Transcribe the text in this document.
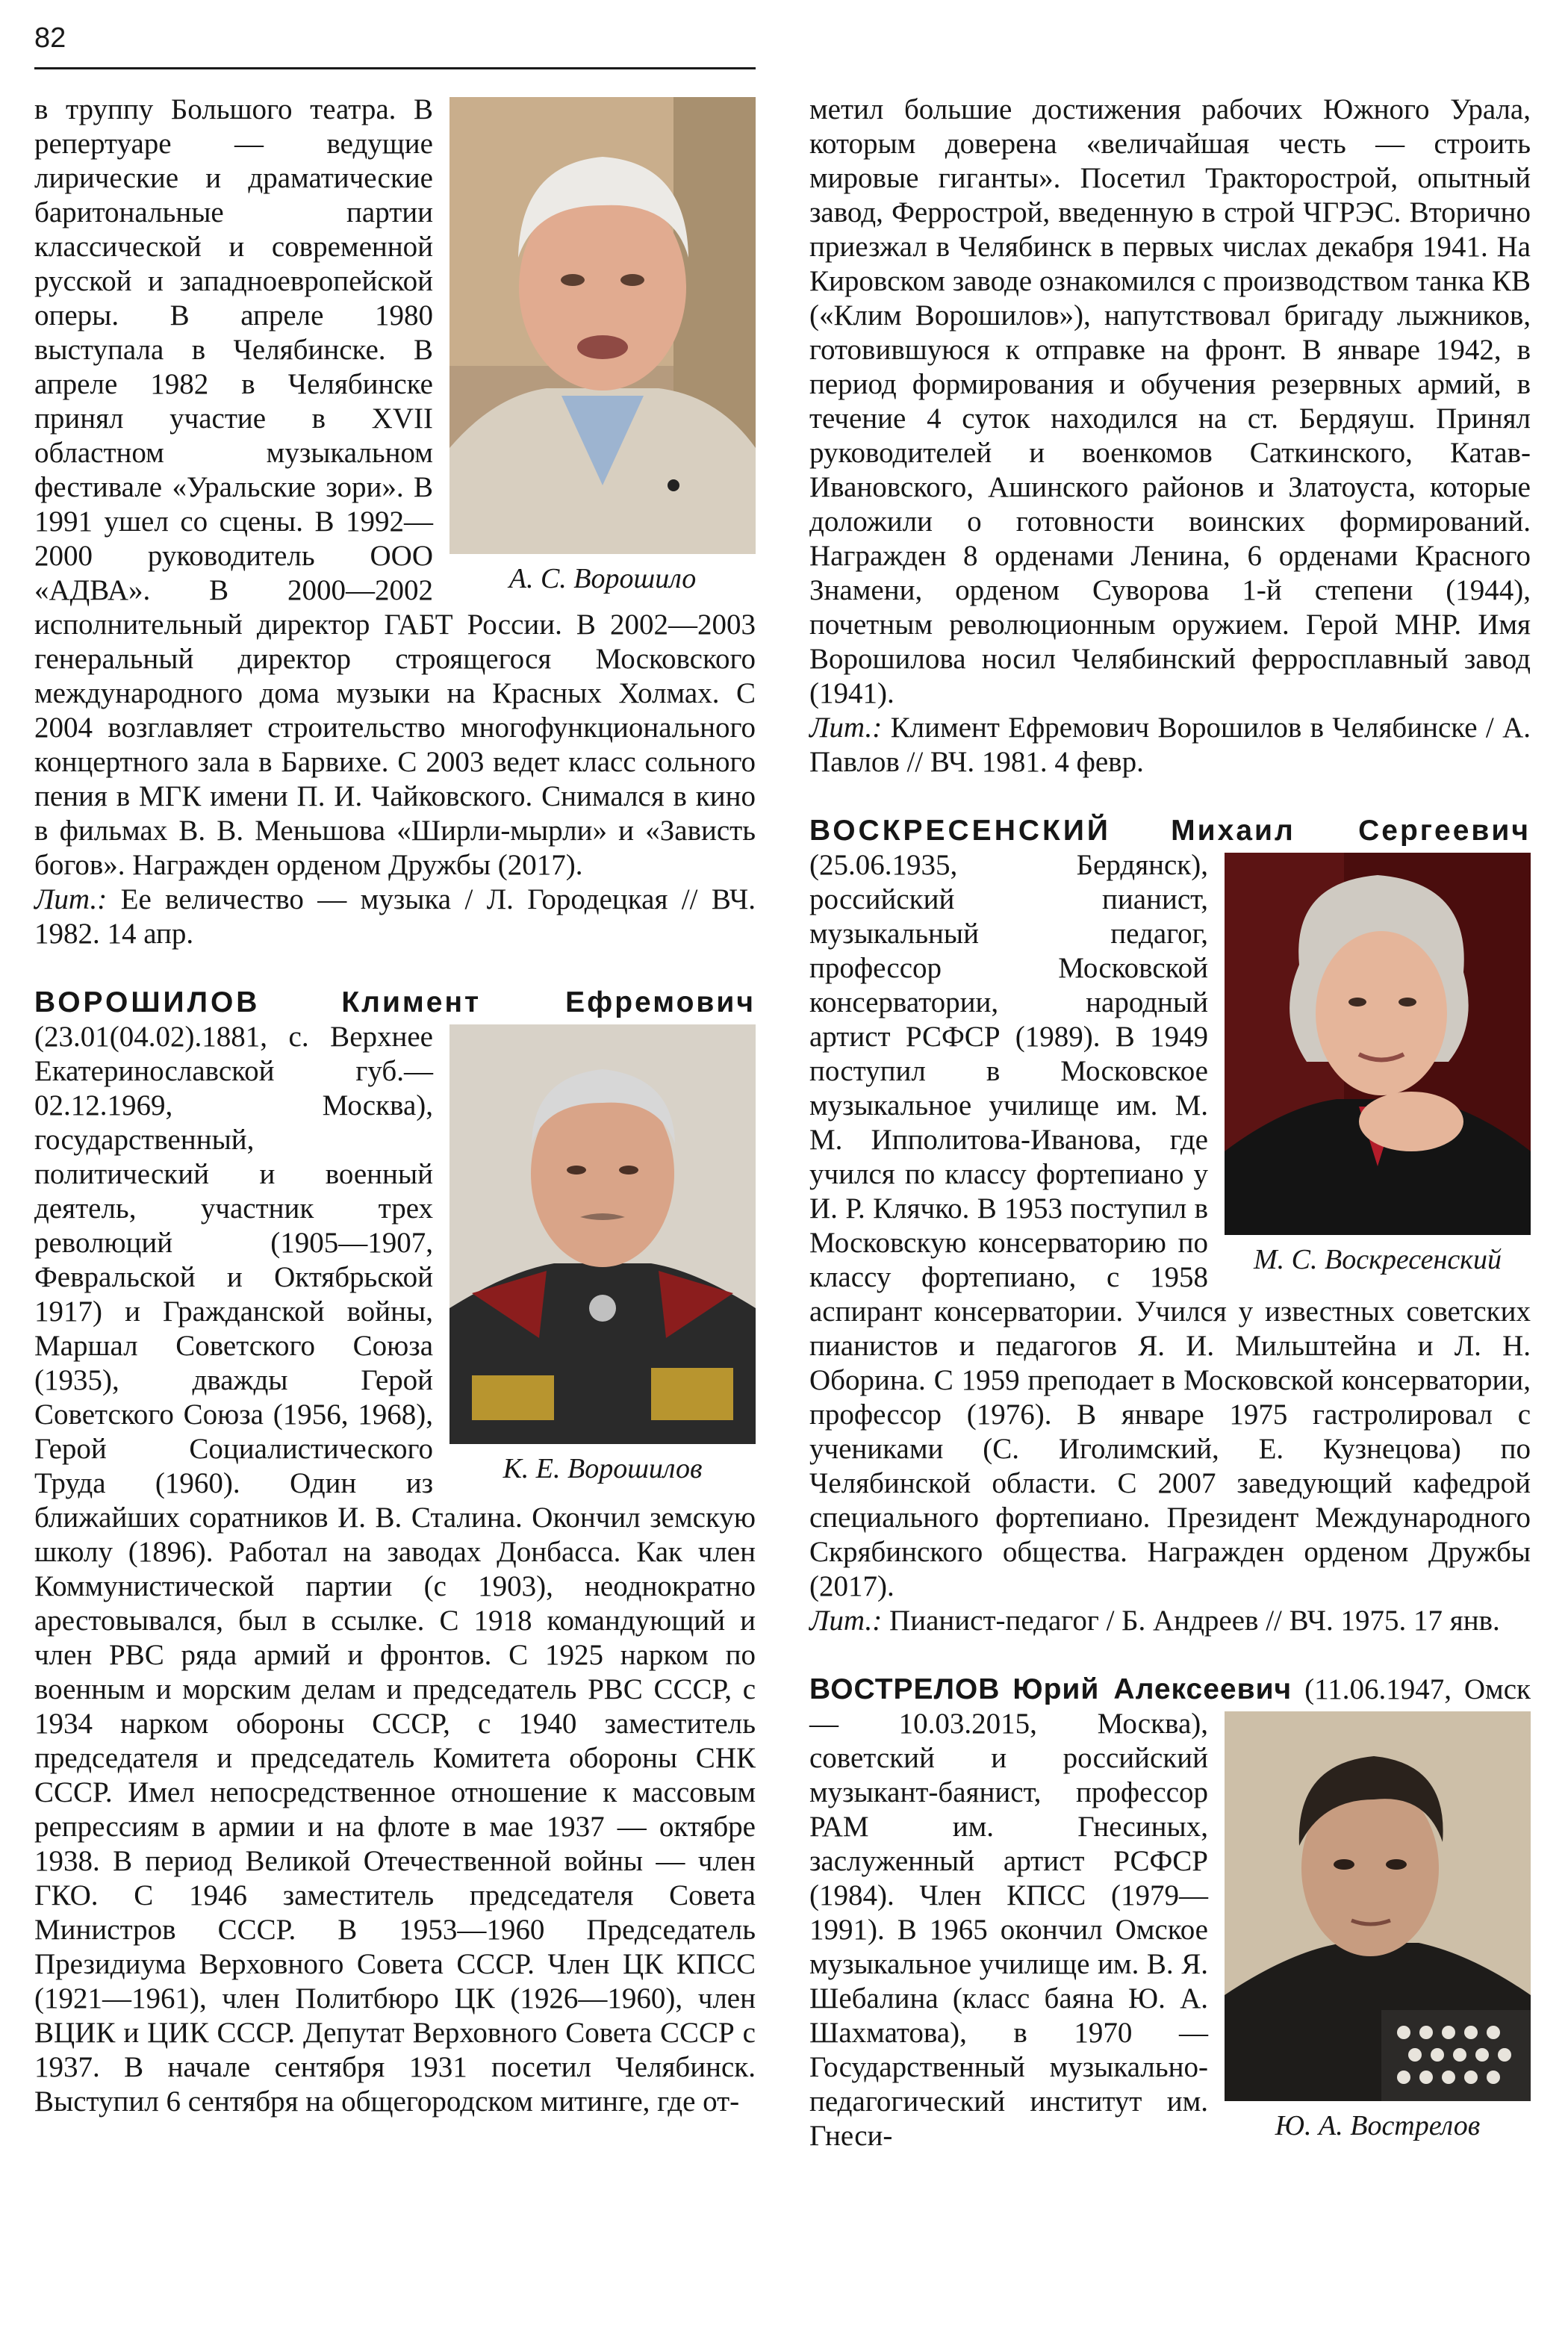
82
А. С. Ворошило

в труппу Большого театра. В репертуаре — ведущие лирические и драматические баритональные партии классической и современной русской и западноевропейской оперы. В апреле 1980 выступала в Челябинске. В апреле 1982 в Челябинске принял участие в XVII областном музыкальном фестивале «Уральские зори». В 1991 ушел со сцены. В 1992—2000 руководитель ООО «АДВА». В 2000—2002 исполнительный директор ГАБТ России. В 2002—2003 генеральный директор строящегося Московского международного дома музыки на Красных Холмах. С 2004 возглавляет строительство многофункционального концертного зала в Барвихе. С 2003 ведет класс сольного пения в МГК имени П. И. Чайковского. Снимался в кино в фильмах В. В. Меньшова «Ширли-мырли» и «Зависть богов». Награжден орденом Дружбы (2017).

Лит.: Ее величество — музыка / Л. Городецкая // ВЧ. 1982. 14 апр.

ВОРОШИЛОВ	Климент Ефремович
К. Е. Ворошилов
(23.01(04.02).1881, с. Верхнее Екатеринославской губ.— 02.12.1969, Москва), государственный, политический и военный деятель, участник трех революций (1905—1907, Февральской и Октябрьской 1917) и Гражданской войны, Маршал Советского Союза (1935), дважды Герой Советского Союза (1956, 1968), Герой Социалистического Труда (1960). Один из ближайших соратников И. В. Сталина. Окончил земскую школу (1896). Работал на заводах Донбасса. Как член Коммунистической партии (с 1903), неоднократно арестовывался, был в ссылке. С 1918 командующий и член РВС ряда армий и фронтов. С 1925 нарком по военным и морским делам и председатель РВС СССР, с 1934 нарком обороны СССР, с 1940 заместитель председателя и председатель Комитета обороны СНК СССР. Имел непосредственное отношение к массовым репрессиям в армии и на флоте в мае 1937 — октябре 1938. В период Великой Отечественной войны — член ГКО. С 1946 заместитель председателя Совета Министров СССР. В 1953—1960 Председатель Президиума Верховного Совета СССР. Член ЦК КПСС (1921—1961), член Политбюро ЦК (1926—1960), член ВЦИК и ЦИК СССР. Депутат Верховного Совета СССР с 1937. В начале сентября 1931 посетил Челябинск. Выступил 6 сентября на общегородском митинге, где от-

метил большие достижения рабочих Южного Урала, которым доверена «величайшая честь — строить мировые гиганты». Посетил Тракторострой, опытный завод, Феррострой, введенную в строй ЧГРЭС. Вторично приезжал в Челябинск в первых числах декабря 1941. На Кировском заводе ознакомился с производством танка КВ («Клим Ворошилов»), напутствовал бригаду лыжников, готовившуюся к отправке на фронт. В январе 1942, в период формирования и обучения резервных армий, в течение 4 суток находился на ст. Бердяуш. Принял руководителей и военкомов Саткинского, Катав-Ивановского, Ашинского районов и Златоуста, которые доложили о готовности воинских формирований. Награжден 8 орденами Ленина, 6 орденами Красного Знамени, орденом Суворова 1-й степени (1944), почетным революционным оружием. Герой МНР. Имя Ворошилова носил Челябинский ферросплавный завод (1941).

Лит.: Климент Ефремович Ворошилов в Челябинске / А. Павлов // ВЧ. 1981. 4 февр.

ВОСКРЕСЕНСКИЙ Михаил Сергеевич
М. С. Воскресенский
(25.06.1935, Бердянск), российский пианист, музыкальный педагог, профессор Московской консерватории, народный артист РСФСР (1989). В 1949 поступил в Московское музыкальное училище им. М. М. Ипполитова-Иванова, где учился по классу фортепиано у И. Р. Клячко. В 1953 поступил в Московскую консерваторию по классу фортепиано, с 1958 аспирант консерватории. Учился у известных советских пианистов и педагогов Я. И. Мильштейна и Л. Н. Оборина. С 1959 преподает в Московской консерватории, профессор (1976). В январе 1975 гастролировал с учениками (С. Иголимский, Е. Кузнецова) по Челябинской области. С 2007 заведующий кафедрой специального фортепиано. Президент Международного Скрябинского общества. Награжден орденом Дружбы (2017).

Лит.: Пианист-педагог / Б. Андреев // ВЧ. 1975. 17 янв.

ВОСТРЕЛОВ Юрий Алексеевич
Ю. А. Вострелов
(11.06.1947, Омск — 10.03.2015, Москва), советский и российский музыкант-баянист, профессор РАМ им. Гнесиных, заслуженный артист РСФСР (1984). Член КПСС (1979—1991). В 1965 окончил Омское музыкальное училище им. В. Я. Шебалина (класс баяна Ю. А. Шахматова), в 1970 — Государственный музыкально-педагогический институт им. Гнеси-
